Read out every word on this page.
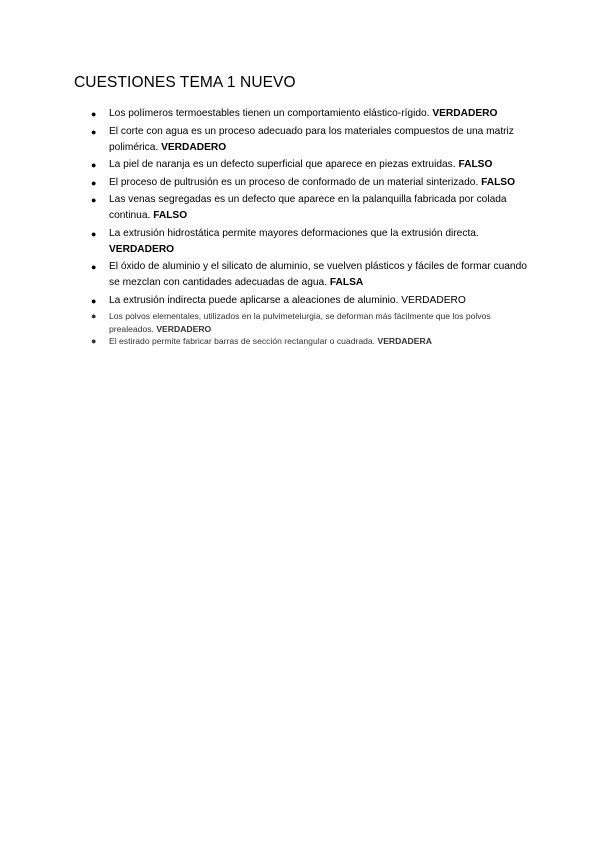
CUESTIONES TEMA 1 NUEVO
● Los polímeros termoestables tienen un comportamiento elástico-rígido. VERDADERO
● El corte con agua es un proceso adecuado para los materiales compuestos de una matriz polimérica. VERDADERO
● La piel de naranja es un defecto superficial que aparece en piezas extruidas. FALSO
● El proceso de pultrusión es un proceso de conformado de un material sinterizado. FALSO
● Las venas segregadas es un defecto que aparece en la palanquilla fabricada por colada continua. FALSO
● La extrusión hidrostática permite mayores deformaciones que la extrusión directa. VERDADERO
● El óxido de aluminio y el silicato de aluminio, se vuelven plásticos y fáciles de formar cuando se mezclan con cantidades adecuadas de agua. FALSA
● La extrusión indirecta puede aplicarse a aleaciones de aluminio. VERDADERO
● Los polvos elementales, utilizados en la pulvimetelurgia, se deforman más fácilmente que los polvos prealeados. VERDADERO
● El estirado permite fabricar barras de sección rectangular o cuadrada. VERDADERA
